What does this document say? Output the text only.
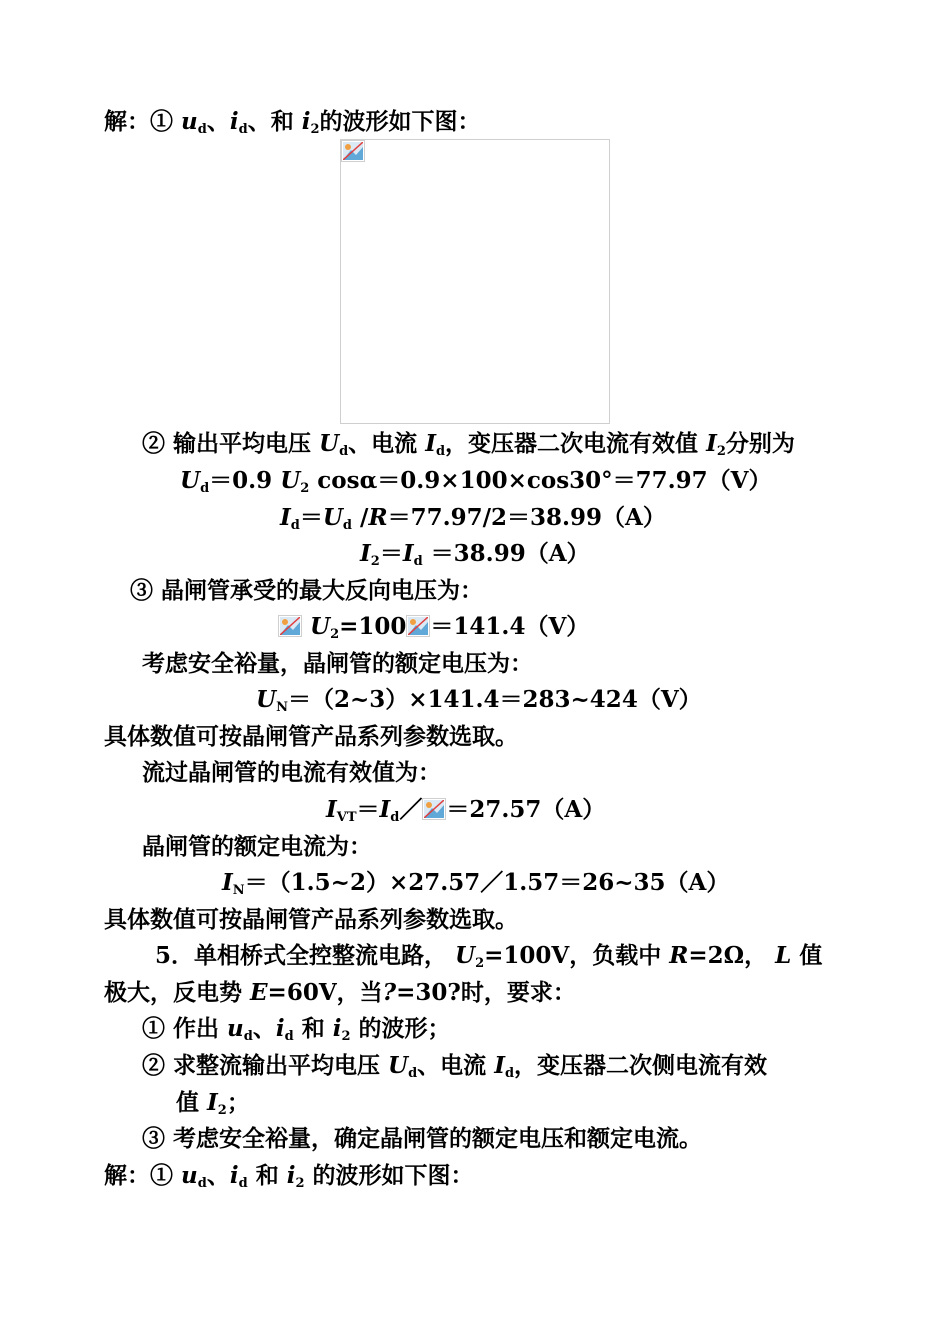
解：① $u_d$、$i_d$、和 $i_2$的波形如下图：
② 输出平均电压 $U_d$、电流 $I_d$，变压器二次电流有效值 $I_2$分别为
$U_d=0.9$ $U_2$ cosα＝0.9×100×cos30°＝77.97（V）
$I_d=U_d$ /R＝77.97/2＝38.99（A）
$I_2=I_d =38.99(A)$
③ 晶闸管承受的最大反向电压为：
$U_2=100 =141.4(V)$
考虑安全裕量，晶闸管的额定电压为：
$U_N=(2\sim 3)\times 141.4=283\sim 424(V)$
具体数值可按晶闸管产品系列参数选取。
流过晶闸管的电流有效值为：
$I_{VT}=I_d/ =27.57(A)$
晶闸管的额定电流为：
$I_N=(1.5\sim 2)\times 27.57/1.57=26\sim 35(A)$
具体数值可按晶闸管产品系列参数选取。
5．单相桥式全控整流电路， $U_2=100V$，负载中 R=2Ω， L 值
极大，反电势 E=60V，当?=30?时，要求：
① 作出 $u_d$、$i_d$ 和 $i_2$ 的波形；
② 求整流输出平均电压 $U_d$、电流 $I_d$，变压器二次侧电流有效
值 $I_2$；
③ 考虑安全裕量，确定晶闸管的额定电压和额定电流。
解：① $u_d$、$i_d$ 和 $i_2$ 的波形如下图：
